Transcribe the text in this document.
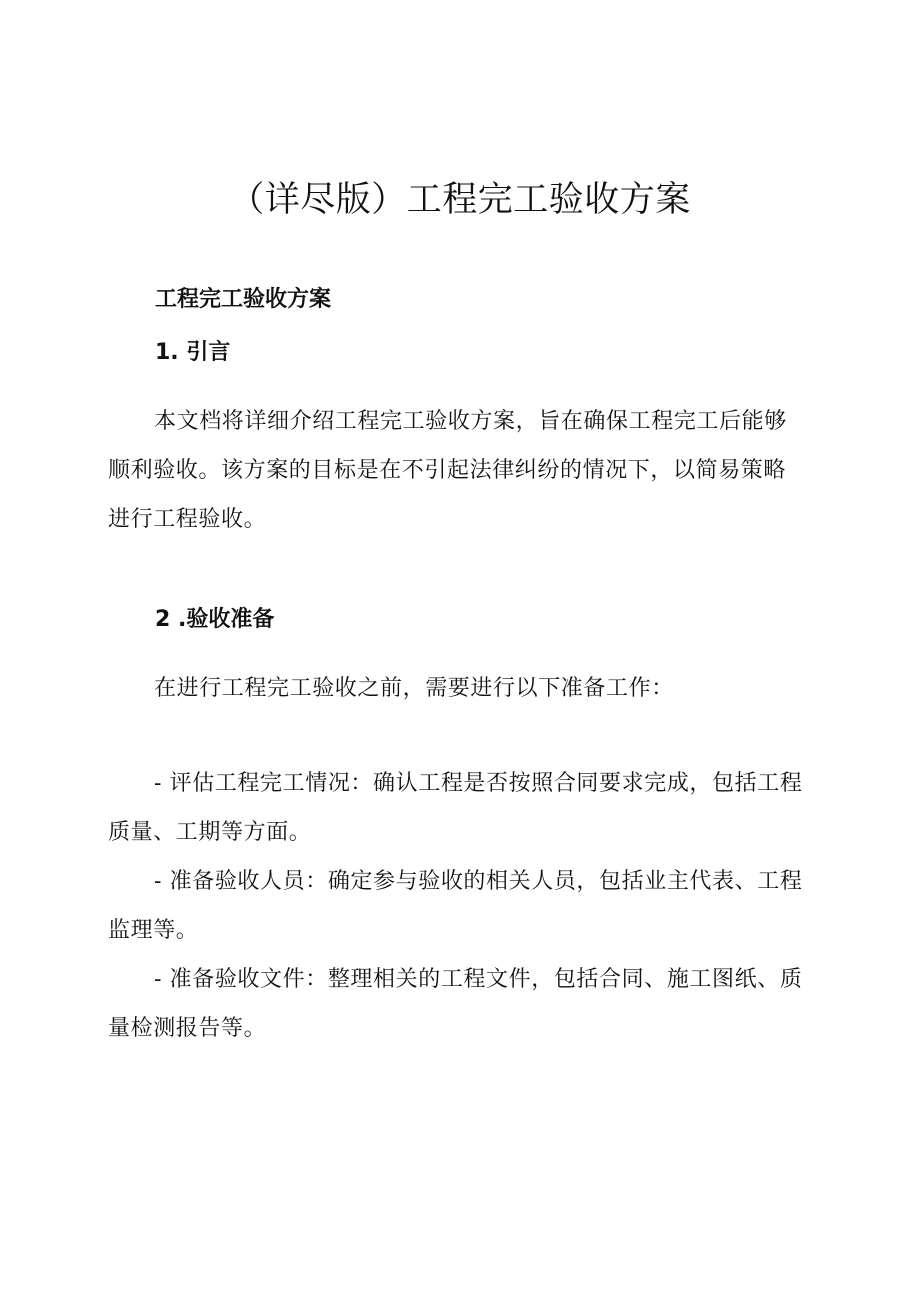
（详尽版）工程完工验收方案
工程完工验收方案
1. 引言

本文档将详细介绍工程完工验收方案，旨在确保工程完工后能够顺利验收。该方案的目标是在不引起法律纠纷的情况下，以简易策略进行工程验收。

2 .验收准备

在进行工程完工验收之前，需要进行以下准备工作：

- 评估工程完工情况：确认工程是否按照合同要求完成，包括工程质量、工期等方面。

- 准备验收人员：确定参与验收的相关人员，包括业主代表、工程监理等。

- 准备验收文件：整理相关的工程文件，包括合同、施工图纸、质量检测报告等。
